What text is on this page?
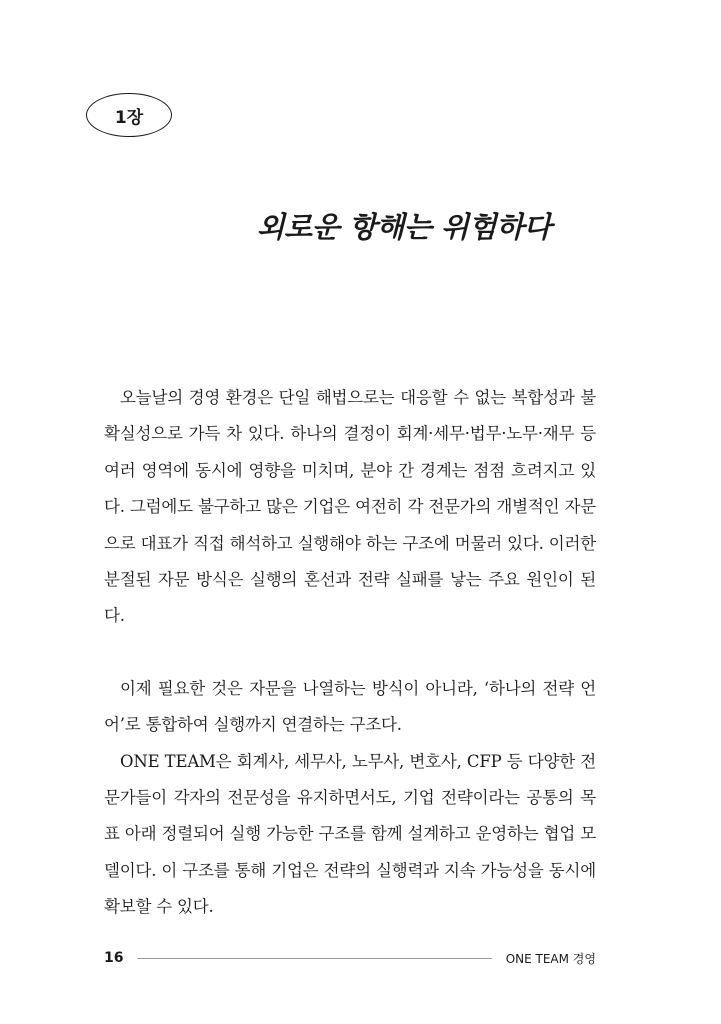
1장
외로운 항해는 위험하다

오늘날의 경영 환경은 단일 해법으로는 대응할 수 없는 복합성과 불확실성으로 가득 차 있다. 하나의 결정이 회계·세무·법무·노무·재무 등 여러 영역에 동시에 영향을 미치며, 분야 간 경계는 점점 흐려지고 있다. 그럼에도 불구하고 많은 기업은 여전히 각 전문가의 개별적인 자문으로 대표가 직접 해석하고 실행해야 하는 구조에 머물러 있다. 이러한 분절된 자문 방식은 실행의 혼선과 전략 실패를 낳는 주요 원인이 된다.

이제 필요한 것은 자문을 나열하는 방식이 아니라, ‘하나의 전략 언어’로 통합하여 실행까지 연결하는 구조다.

ONE TEAM은 회계사, 세무사, 노무사, 변호사, CFP 등 다양한 전문가들이 각자의 전문성을 유지하면서도, 기업 전략이라는 공통의 목표 아래 정렬되어 실행 가능한 구조를 함께 설계하고 운영하는 협업 모델이다. 이 구조를 통해 기업은 전략의 실행력과 지속 가능성을 동시에 확보할 수 있다.

16	ONE TEAM 경영
